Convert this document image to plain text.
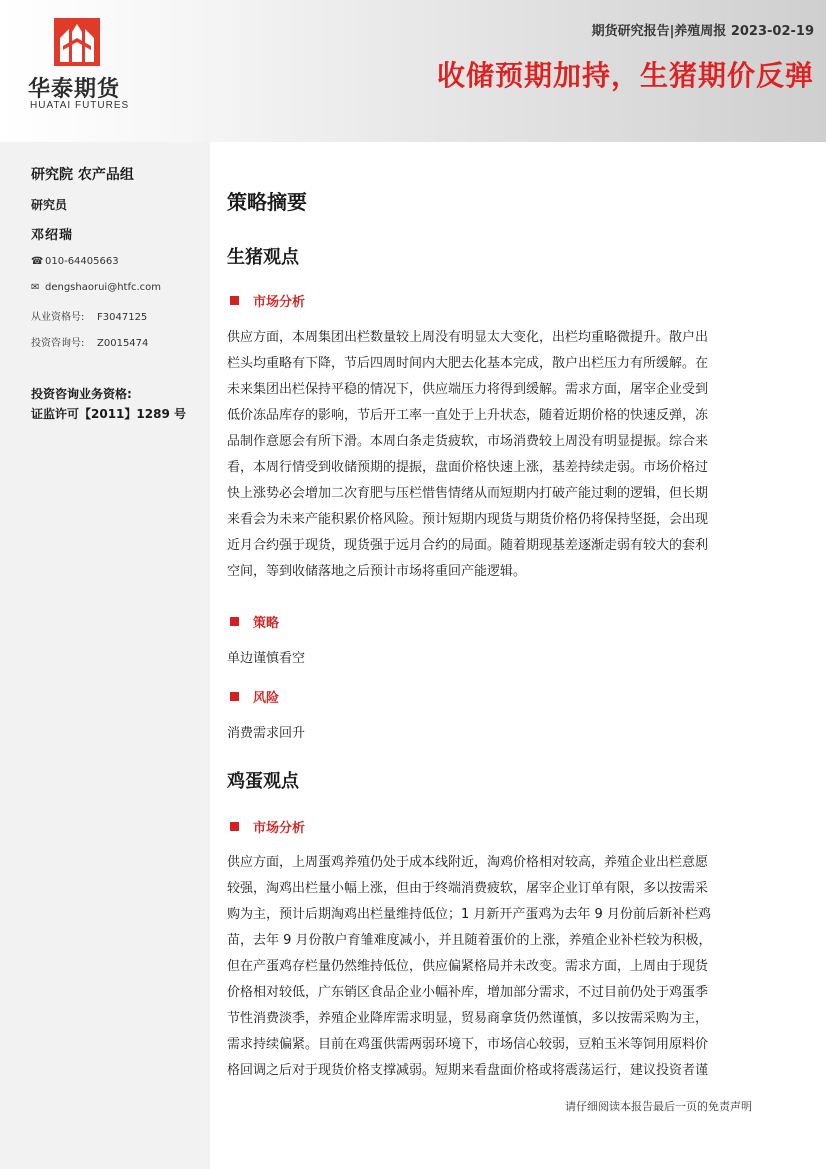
华泰期货
HUATAI FUTURES
期货研究报告|养殖周报 2023-02-19
收储预期加持，生猪期价反弹
研究院 农产品组
研究员
邓绍瑞
☎ 010-64405663
✉ dengshaorui@htfc.com
从业资格号: F3047125
投资咨询号: Z0015474
投资咨询业务资格:
证监许可【2011】1289 号
策略摘要
生猪观点
市场分析
供应方面，本周集团出栏数量较上周没有明显太大变化，出栏均重略微提升。散户出
栏头均重略有下降，节后四周时间内大肥去化基本完成，散户出栏压力有所缓解。在
未来集团出栏保持平稳的情况下，供应端压力将得到缓解。需求方面，屠宰企业受到
低价冻品库存的影响，节后开工率一直处于上升状态，随着近期价格的快速反弹，冻
品制作意愿会有所下滑。本周白条走货疲软，市场消费较上周没有明显提振。综合来
看，本周行情受到收储预期的提振，盘面价格快速上涨，基差持续走弱。市场价格过
快上涨势必会增加二次育肥与压栏惜售情绪从而短期内打破产能过剩的逻辑，但长期
来看会为未来产能积累价格风险。预计短期内现货与期货价格仍将保持坚挺，会出现
近月合约强于现货，现货强于远月合约的局面。随着期现基差逐渐走弱有较大的套利
空间，等到收储落地之后预计市场将重回产能逻辑。
策略
单边谨慎看空
风险
消费需求回升
鸡蛋观点
市场分析
供应方面，上周蛋鸡养殖仍处于成本线附近，淘鸡价格相对较高，养殖企业出栏意愿
较强，淘鸡出栏量小幅上涨，但由于终端消费疲软，屠宰企业订单有限，多以按需采
购为主，预计后期淘鸡出栏量维持低位；1 月新开产蛋鸡为去年 9 月份前后新补栏鸡
苗，去年 9 月份散户育雏难度减小，并且随着蛋价的上涨，养殖企业补栏较为积极，
但在产蛋鸡存栏量仍然维持低位，供应偏紧格局并未改变。需求方面，上周由于现货
价格相对较低，广东销区食品企业小幅补库，增加部分需求，不过目前仍处于鸡蛋季
节性消费淡季，养殖企业降库需求明显，贸易商拿货仍然谨慎，多以按需采购为主，
需求持续偏紧。目前在鸡蛋供需两弱环境下，市场信心较弱，豆粕玉米等饲用原料价
格回调之后对于现货价格支撑减弱。短期来看盘面价格或将震荡运行，建议投资者谨
请仔细阅读本报告最后一页的免责声明
